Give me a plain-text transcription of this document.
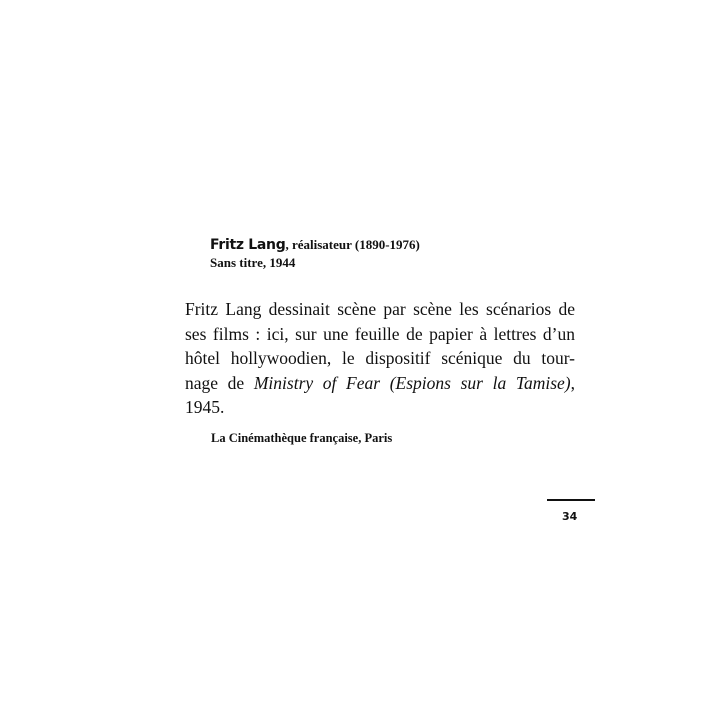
Fritz Lang, réalisateur (1890-1976)
Sans titre, 1944
Fritz Lang dessinait scène par scène les scénarios de
ses films : ici, sur une feuille de papier à lettres d’un
hôtel hollywoodien, le dispositif scénique du tour-
nage de Ministry of Fear (Espions sur la Tamise),
1945.
La Cinémathèque française, Paris
34
